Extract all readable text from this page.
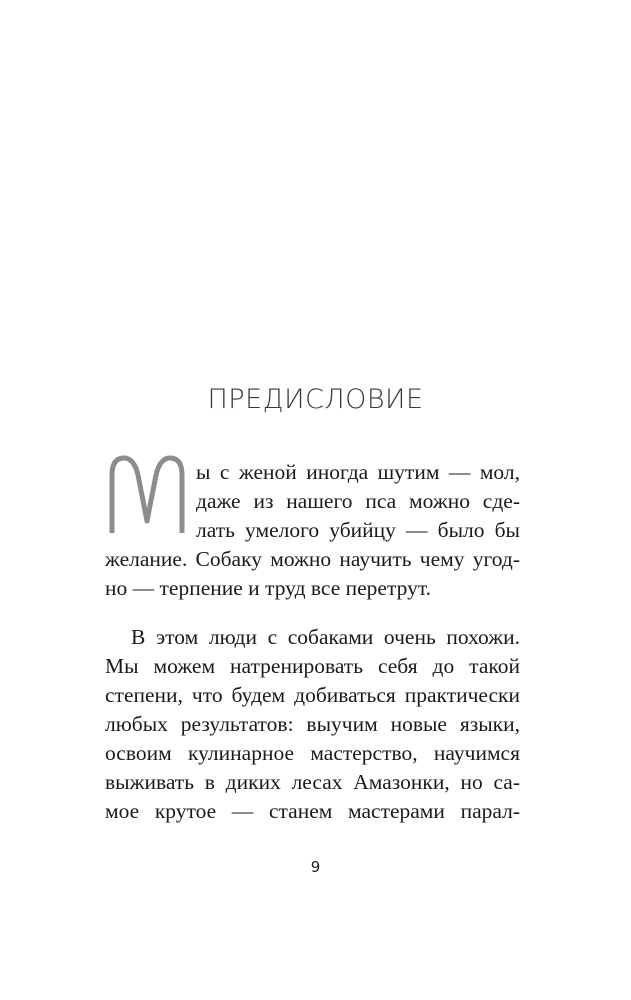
ПРЕДИСЛОВИЕ
ы с женой иногда шутим — мол,
даже из нашего пса можно сде-
лать умелого убийцу — было бы
желание. Собаку можно научить чему угод-
но — терпение и труд все перетрут.
В этом люди с собаками очень похожи.
Мы можем натренировать себя до такой
степени, что будем добиваться практически
любых результатов: выучим новые языки,
освоим кулинарное мастерство, научимся
выживать в диких лесах Амазонки, но са-
мое крутое — станем мастерами парал-
9
